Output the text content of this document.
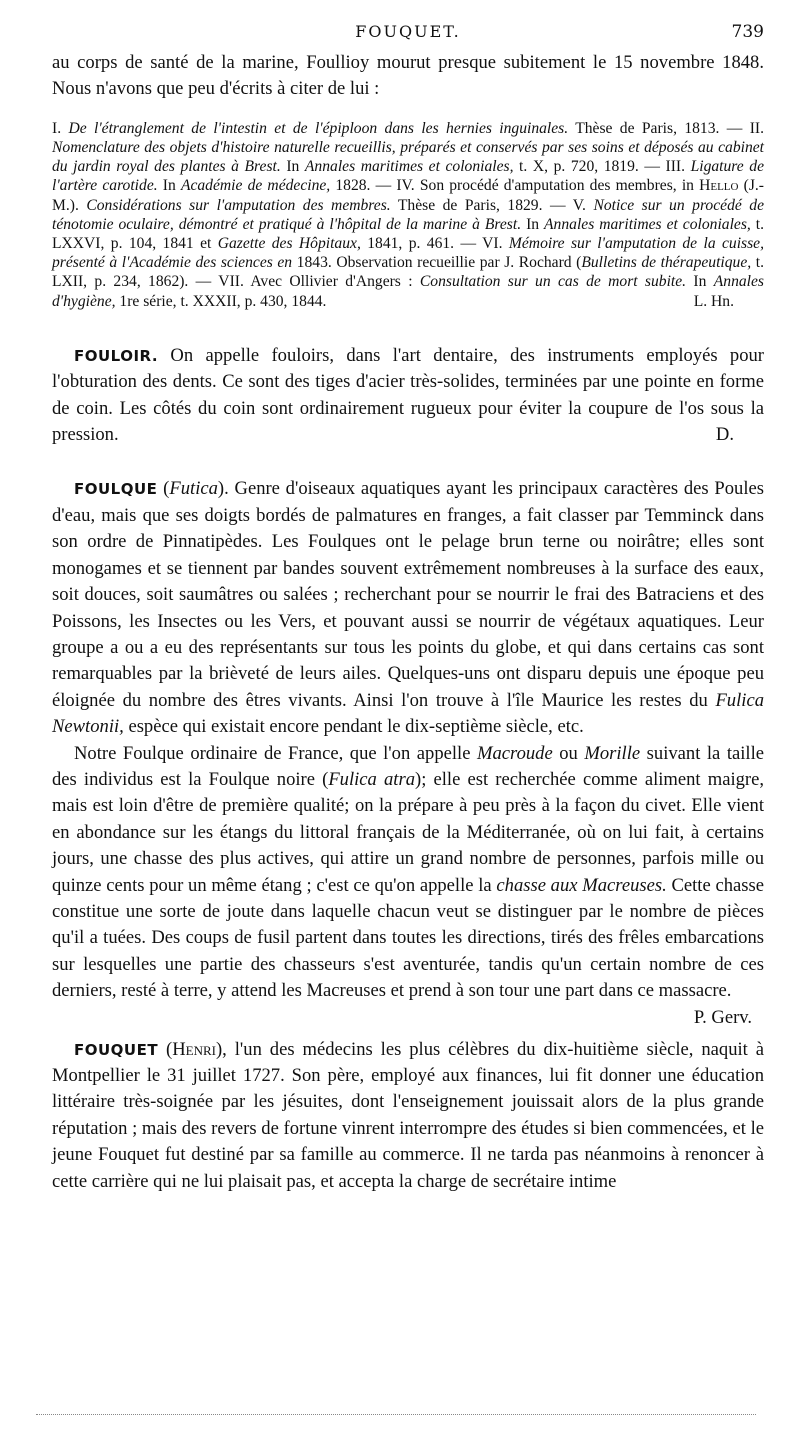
FOUQUET.	739

au corps de santé de la marine, Foullioy mourut presque subitement le 15 novembre 1848. Nous n'avons que peu d'écrits à citer de lui :

I. De l'étranglement de l'intestin et de l'épiploon dans les hernies inguinales. Thèse de Paris, 1813. — II. Nomenclature des objets d'histoire naturelle recueillis, préparés et conservés par ses soins et déposés au cabinet du jardin royal des plantes à Brest. In Annales maritimes et coloniales, t. X, p. 720, 1819. — III. Ligature de l'artère carotide. In Académie de médecine, 1828. — IV. Son procédé d'amputation des membres, in Hello (J.-M.). Considérations sur l'amputation des membres. Thèse de Paris, 1829. — V. Notice sur un procédé de ténotomie oculaire, démontré et pratiqué à l'hôpital de la marine à Brest. In Annales maritimes et coloniales, t. LXXVI, p. 104, 1841 et Gazette des Hôpitaux, 1841, p. 461. — VI. Mémoire sur l'amputation de la cuisse, présenté à l'Académie des sciences en 1843. Observation recueillie par J. Rochard (Bulletins de thérapeutique, t. LXII, p. 234, 1862). — VII. Avec Ollivier d'Angers : Consultation sur un cas de mort subite. In Annales d'hygiène, 1re série, t. XXXII, p. 430, 1844.	L. Hn.

FOULOIR. On appelle fouloirs, dans l'art dentaire, des instruments employés pour l'obturation des dents. Ce sont des tiges d'acier très-solides, terminées par une pointe en forme de coin. Les côtés du coin sont ordinairement rugueux pour éviter la coupure de l'os sous la pression.	D.

FOULQUE (Futica). Genre d'oiseaux aquatiques ayant les principaux caractères des Poules d'eau, mais que ses doigts bordés de palmatures en franges, a fait classer par Temminck dans son ordre de Pinnatipèdes. Les Foulques ont le pelage brun terne ou noirâtre; elles sont monogames et se tiennent par bandes souvent extrêmement nombreuses à la surface des eaux, soit douces, soit saumâtres ou salées ; recherchant pour se nourrir le frai des Batraciens et des Poissons, les Insectes ou les Vers, et pouvant aussi se nourrir de végétaux aquatiques. Leur groupe a ou a eu des représentants sur tous les points du globe, et qui dans certains cas sont remarquables par la brièveté de leurs ailes. Quelques-uns ont disparu depuis une époque peu éloignée du nombre des êtres vivants. Ainsi l'on trouve à l'île Maurice les restes du Fulica Newtonii, espèce qui existait encore pendant le dix-septième siècle, etc.

Notre Foulque ordinaire de France, que l'on appelle Macroude ou Morille suivant la taille des individus est la Foulque noire (Fulica atra); elle est recherchée comme aliment maigre, mais est loin d'être de première qualité; on la prépare à peu près à la façon du civet. Elle vient en abondance sur les étangs du littoral français de la Méditerranée, où on lui fait, à certains jours, une chasse des plus actives, qui attire un grand nombre de personnes, parfois mille ou quinze cents pour un même étang ; c'est ce qu'on appelle la chasse aux Macreuses. Cette chasse constitue une sorte de joute dans laquelle chacun veut se distinguer par le nombre de pièces qu'il a tuées. Des coups de fusil partent dans toutes les directions, tirés des frêles embarcations sur lesquelles une partie des chasseurs s'est aventurée, tandis qu'un certain nombre de ces derniers, resté à terre, y attend les Macreuses et prend à son tour une part dans ce massacre.
P. Gerv.

FOUQUET (Henri), l'un des médecins les plus célèbres du dix-huitième siècle, naquit à Montpellier le 31 juillet 1727. Son père, employé aux finances, lui fit donner une éducation littéraire très-soignée par les jésuites, dont l'enseignement jouissait alors de la plus grande réputation ; mais des revers de fortune vinrent interrompre des études si bien commencées, et le jeune Fouquet fut destiné par sa famille au commerce. Il ne tarda pas néanmoins à renoncer à cette carrière qui ne lui plaisait pas, et accepta la charge de secrétaire intime
